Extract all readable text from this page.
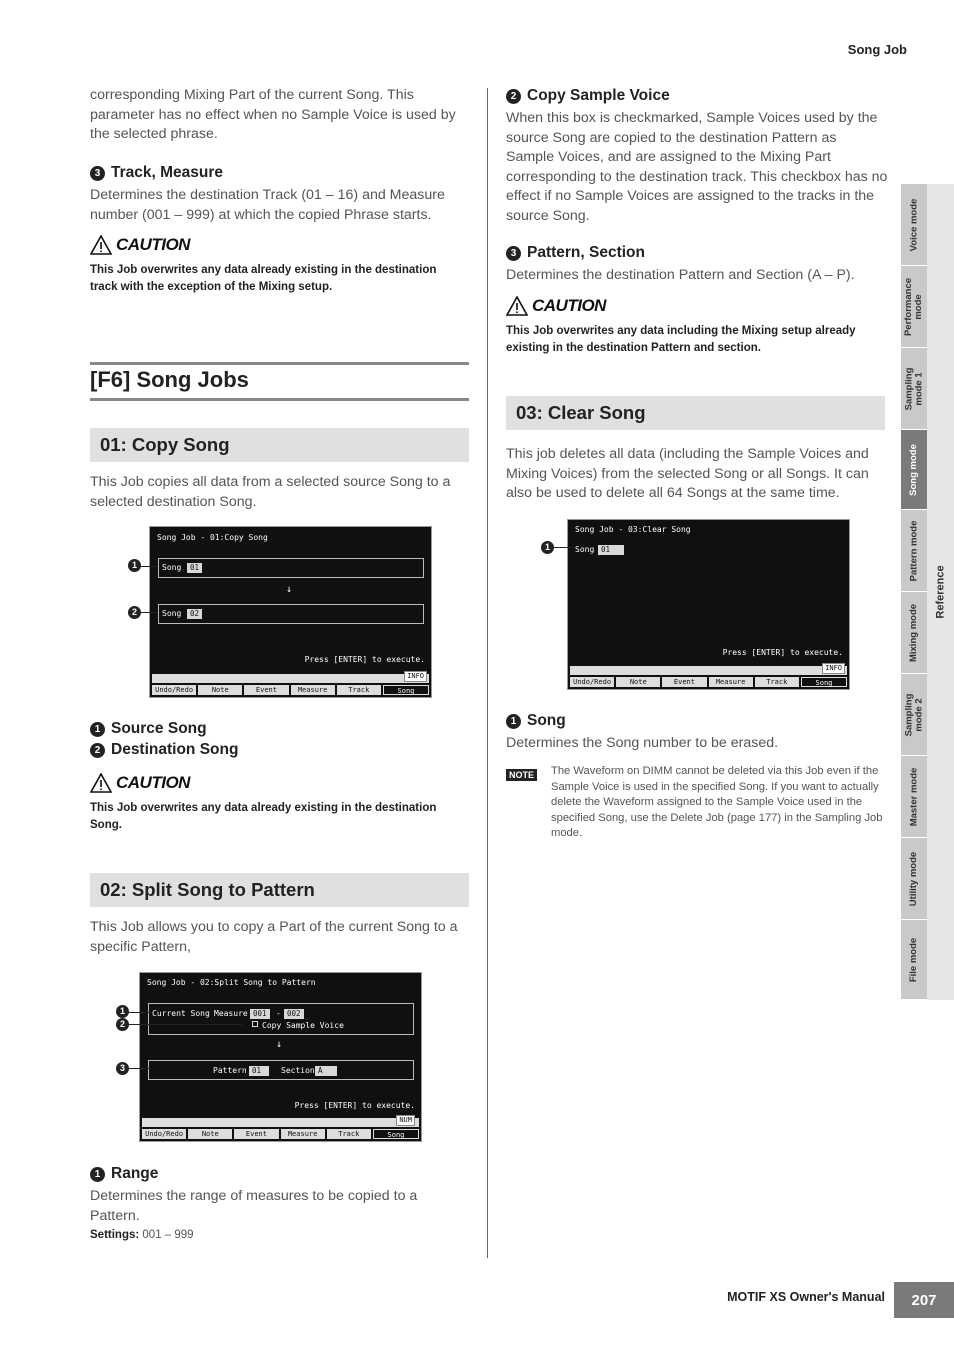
Song Job

corresponding Mixing Part of the current Song. This parameter has no effect when no Sample Voice is used by the selected phrase.

3 Track, Measure

Determines the destination Track (01 – 16) and Measure number (001 – 999) at which the copied Phrase starts.

CAUTION

This Job overwrites any data already existing in the destination track with the exception of the Mixing setup.

[F6] Song Jobs
01: Copy Song

This Job copies all data from a selected source Song to a selected destination Song.

Song Job - 01:Copy Song
Song	01
↓
Song	02
Press [ENTER] to execute.
INFO
Undo/Redo	Note	Event	Measure	Track	Song
1
2
1 Source Song
2 Destination Song
CAUTION

This Job overwrites any data already existing in the destination Song.

02: Split Song to Pattern

This Job allows you to copy a Part of the current Song to a specific Pattern,

Song Job - 02:Split Song to Pattern
Current Song Measure 001	- 002
Copy Sample Voice
↓
Pattern 01	Section A
Press [ENTER] to execute.
NUM
Undo/Redo	Note	Event	Measure	Track	Song
1
2
3
1 Range

Determines the range of measures to be copied to a Pattern.

Settings: 001 – 999
2 Copy Sample Voice

When this box is checkmarked, Sample Voices used by the source Song are copied to the destination Pattern as Sample Voices, and are assigned to the Mixing Part corresponding to the destination track. This checkbox has no effect if no Sample Voices are assigned to the tracks in the source Song.

3 Pattern, Section

Determines the destination Pattern and Section (A – P).

CAUTION

This Job overwrites any data including the Mixing setup already existing in the destination Pattern and section.

03: Clear Song

This job deletes all data (including the Sample Voices and Mixing Voices) from the selected Song or all Songs. It can also be used to delete all 64 Songs at the same time.

Song Job - 03:Clear Song
Song 01
Press [ENTER] to execute.
INFO
Undo/Redo	Note	Event	Measure	Track	Song
1
1 Song

Determines the Song number to be erased.

NOTE The Waveform on DIMM cannot be deleted via this Job even if the Sample Voice is used in the specified Song. If you want to actually delete the Waveform assigned to the Sample Voice used in the specified Song, use the Delete Job (page 177) in the Sampling Job mode.

Voice mode
Performance mode
Sampling mode 1
Song mode
Pattern mode
Mixing mode
Sampling mode 2
Master mode
Utility mode
File mode
Reference
MOTIF XS Owner's Manual	207
